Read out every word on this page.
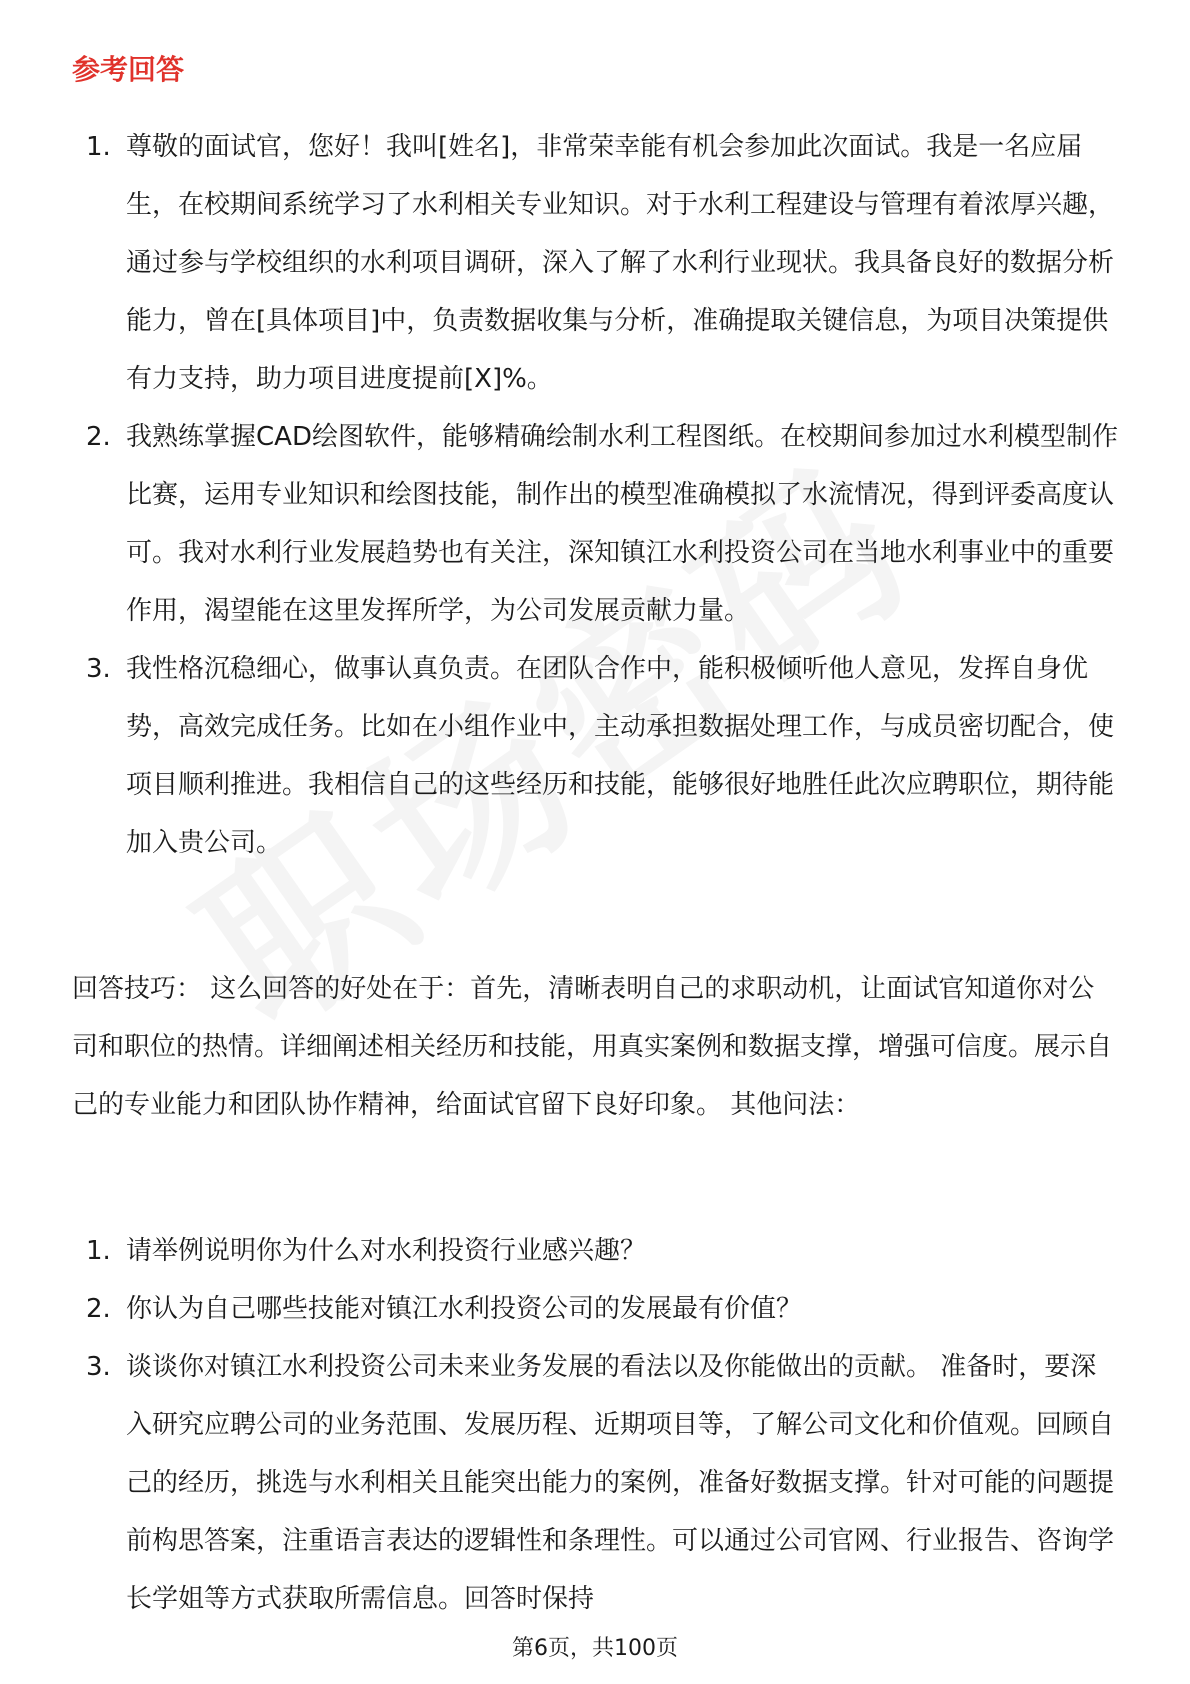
参考回答
1. 尊敬的面试官，您好！我叫[姓名]，非常荣幸能有机会参加此次面试。我是一名应届生，在校期间系统学习了水利相关专业知识。对于水利工程建设与管理有着浓厚兴趣，通过参与学校组织的水利项目调研，深入了解了水利行业现状。我具备良好的数据分析能力，曾在[具体项目]中，负责数据收集与分析，准确提取关键信息，为项目决策提供有力支持，助力项目进度提前[X]%。
2. 我熟练掌握CAD绘图软件，能够精确绘制水利工程图纸。在校期间参加过水利模型制作比赛，运用专业知识和绘图技能，制作出的模型准确模拟了水流情况，得到评委高度认可。我对水利行业发展趋势也有关注，深知镇江水利投资公司在当地水利事业中的重要作用，渴望能在这里发挥所学，为公司发展贡献力量。
3. 我性格沉稳细心，做事认真负责。在团队合作中，能积极倾听他人意见，发挥自身优势，高效完成任务。比如在小组作业中，主动承担数据处理工作，与成员密切配合，使项目顺利推进。我相信自己的这些经历和技能，能够很好地胜任此次应聘职位，期待能加入贵公司。

回答技巧： 这么回答的好处在于：首先，清晰表明自己的求职动机，让面试官知道你对公司和职位的热情。详细阐述相关经历和技能，用真实案例和数据支撑，增强可信度。展示自己的专业能力和团队协作精神，给面试官留下良好印象。 其他问法：

1. 请举例说明你为什么对水利投资行业感兴趣？
2. 你认为自己哪些技能对镇江水利投资公司的发展最有价值？
3. 谈谈你对镇江水利投资公司未来业务发展的看法以及你能做出的贡献。 准备时，要深入研究应聘公司的业务范围、发展历程、近期项目等，了解公司文化和价值观。回顾自己的经历，挑选与水利相关且能突出能力的案例，准备好数据支撑。针对可能的问题提前构思答案，注重语言表达的逻辑性和条理性。可以通过公司官网、行业报告、咨询学长学姐等方式获取所需信息。回答时保持
第6页，共100页
